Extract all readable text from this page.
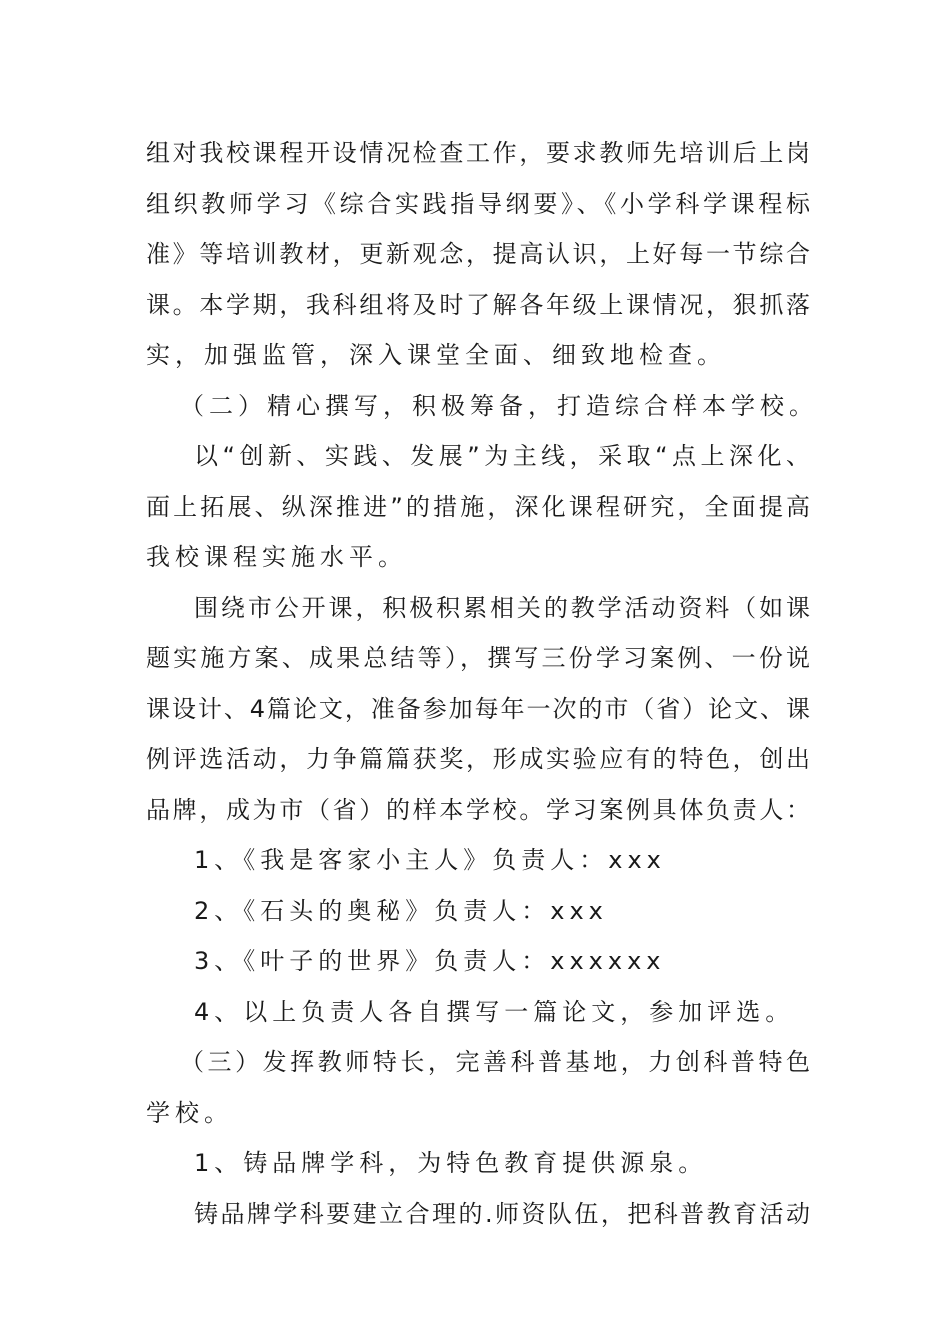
组对我校课程开设情况检查工作，要求教师先培训后上岗
组织教师学习《综合实践指导纲要》、《小学科学课程标
准》等培训教材，更新观念，提高认识，上好每一节综合
课。本学期，我科组将及时了解各年级上课情况，狠抓落
实，加强监管，深入课堂全面、细致地检查。
（二）精心撰写，积极筹备，打造综合样本学校。
以“创新、实践、发展”为主线，采取“点上深化、
面上拓展、纵深推进”的措施，深化课程研究，全面提高
我校课程实施水平。
围绕市公开课，积极积累相关的教学活动资料（如课
题实施方案、成果总结等），撰写三份学习案例、一份说
课设计、4篇论文，准备参加每年一次的市（省）论文、课
例评选活动，力争篇篇获奖，形成实验应有的特色，创出
品牌，成为市（省）的样本学校。学习案例具体负责人：
1、《我是客家小主人》负责人：xxx
2、《石头的奥秘》负责人：xxx
3、《叶子的世界》负责人：xxxxxx
4、以上负责人各自撰写一篇论文，参加评选。
（三）发挥教师特长，完善科普基地，力创科普特色
学校。
1、铸品牌学科，为特色教育提供源泉。
铸品牌学科要建立合理的.师资队伍，把科普教育活动
